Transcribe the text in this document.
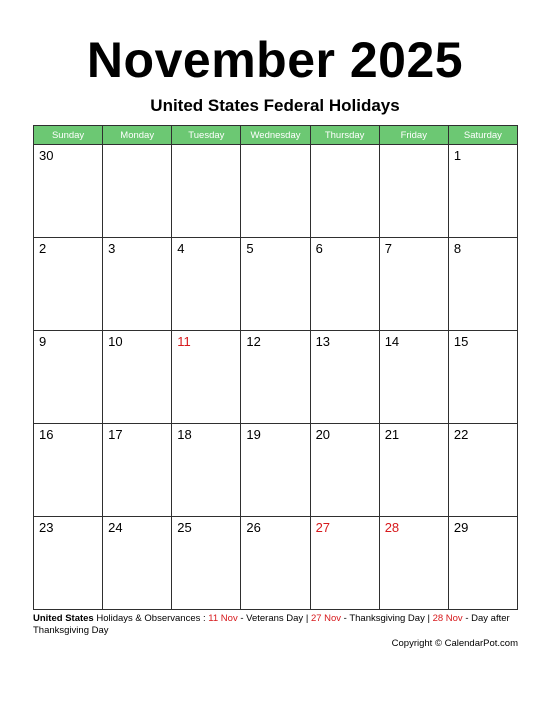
November 2025
United States Federal Holidays
Sunday	Monday	Tuesday	Wednesday	Thursday	Friday	Saturday

30						1

2	3	4	5	6	7	8

9	10	11	12	13	14	15

16	17	18	19	20	21	22

23	24	25	26	27	28	29
United States Holidays & Observances : 11 Nov - Veterans Day | 27 Nov - Thanksgiving Day | 28 Nov - Day after Thanksgiving Day
Copyright © CalendarPot.com
